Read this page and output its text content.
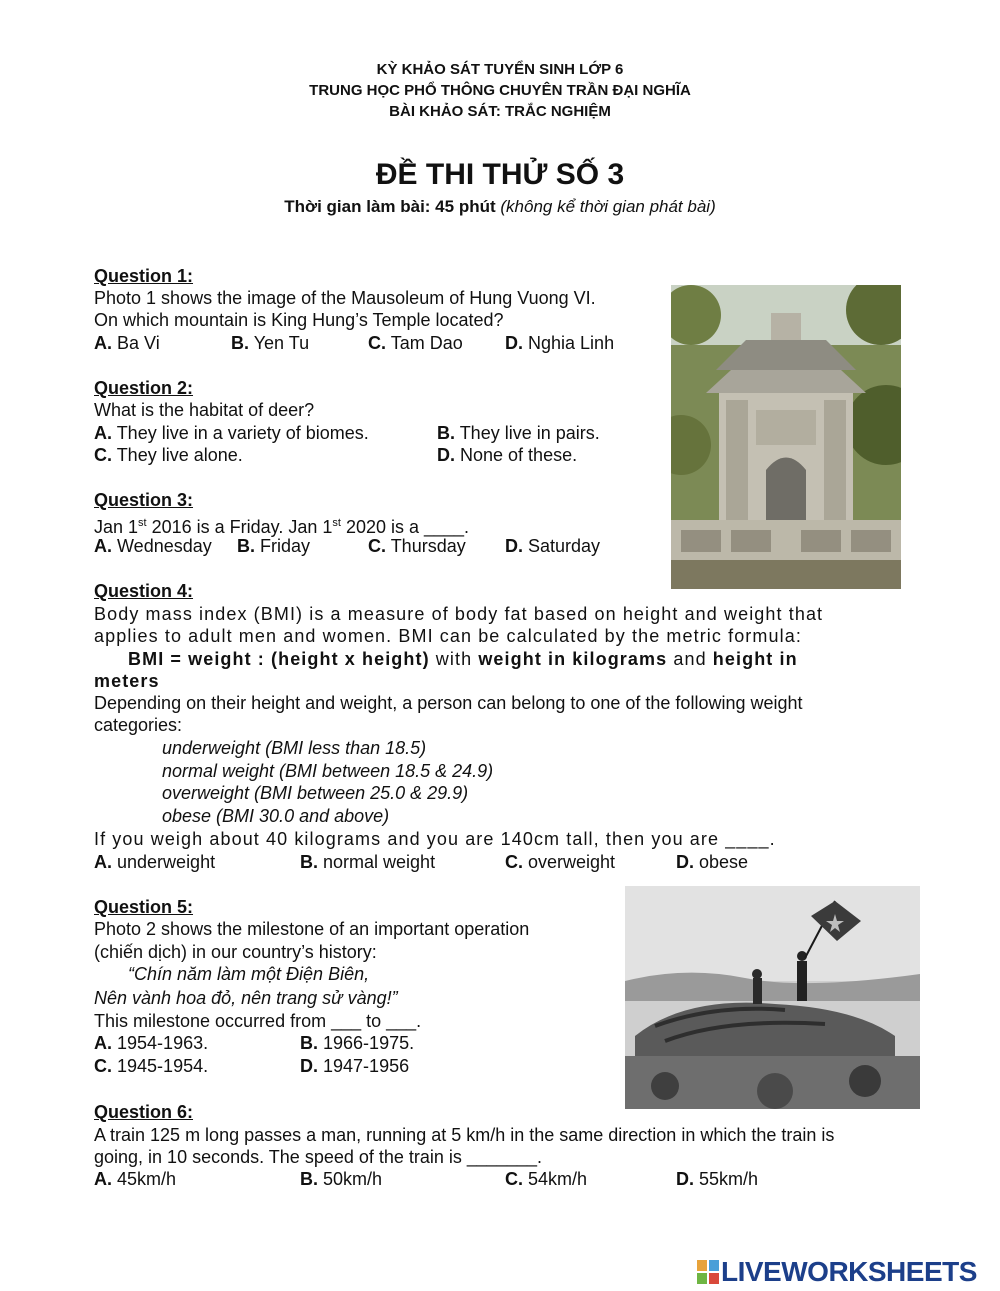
KỲ KHẢO SÁT TUYỂN SINH LỚP 6
TRUNG HỌC PHỔ THÔNG CHUYÊN TRẦN ĐẠI NGHĨA
BÀI KHẢO SÁT: TRẮC NGHIỆM
ĐỀ THI THỬ SỐ 3
Thời gian làm bài: 45 phút (không kể thời gian phát bài)
Question 1:
Photo 1 shows the image of the Mausoleum of Hung Vuong VI.
On which mountain is King Hung’s Temple located?
A. Ba Vi	B. Yen Tu	C. Tam Dao D. Nghia Linh
Question 2:
What is the habitat of deer?
A. They live in a variety of biomes.	B. They live in pairs.
C. They live alone.	D. None of these.
Question 3:
Jan 1st 2016 is a Friday. Jan 1st 2020 is a ____.
A. Wednesday B. Friday	C. Thursday D. Saturday
Question 4:
Body mass index (BMI) is a measure of body fat based on height and weight that
applies to adult men and women. BMI can be calculated by the metric formula:
BMI = weight : (height x height) with weight in kilograms and height in
meters
Depending on their height and weight, a person can belong to one of the following weight
categories:
underweight (BMI less than 18.5)
normal weight (BMI between 18.5 & 24.9)
overweight (BMI between 25.0 & 29.9)
obese (BMI 30.0 and above)
If you weigh about 40 kilograms and you are 140cm tall, then you are ____.
A. underweight	B. normal weight	C. overweight	D. obese
Question 5:
Photo 2 shows the milestone of an important operation
(chiến dịch) in our country’s history:
“Chín năm làm một Điện Biên,
Nên vành hoa đỏ, nên trang sử vàng!”
This milestone occurred from ___ to ___.
A. 1954-1963.	B. 1966-1975.
C. 1945-1954.	D. 1947-1956
Question 6:
A train 125 m long passes a man, running at 5 km/h in the same direction in which the train is
going, in 10 seconds. The speed of the train is _______.
A. 45km/h	B. 50km/h	C. 54km/h	D. 55km/h
LIVEWORKSHEETS
